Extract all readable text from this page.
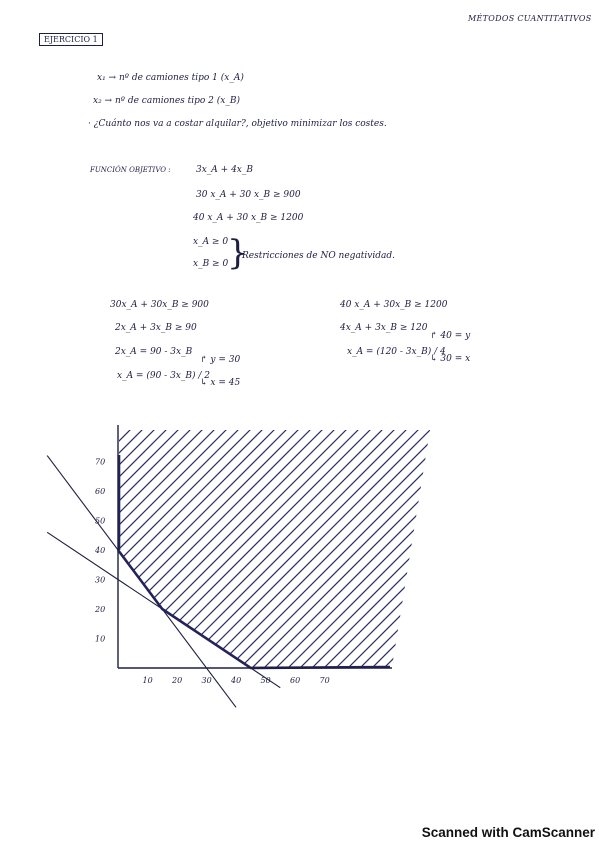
MÉTODOS CUANTITATIVOS
EJERCICIO 1
x₁ → nº de camiones tipo 1 (x_A)
x₂ → nº de camiones tipo 2 (x_B)
· ¿Cuánto nos va a costar alquilar?, objetivo minimizar los costes.
FUNCIÓN OBJETIVO :	3x_A + 4x_B
30 x_A + 30 x_B ≥ 900
40 x_A + 30 x_B ≥ 1200
x_A ≥ 0
x_B ≥ 0
}
Restricciones de NO negatividad.
30x_A + 30x_B ≥ 900
2x_A + 3x_B ≥ 90
2x_A = 90 - 3x_B
x_A = (90 - 3x_B) / 2
↱ y = 30
↳ x = 45
40 x_A + 30x_B ≥ 1200
4x_A + 3x_B ≥ 120
x_A = (120 - 3x_B) / 4
↱ 40 = y
↳ 30 = x
10 20 30 40 50 60 70
10
20
30
40
50
60
70
Scanned with CamScanner
